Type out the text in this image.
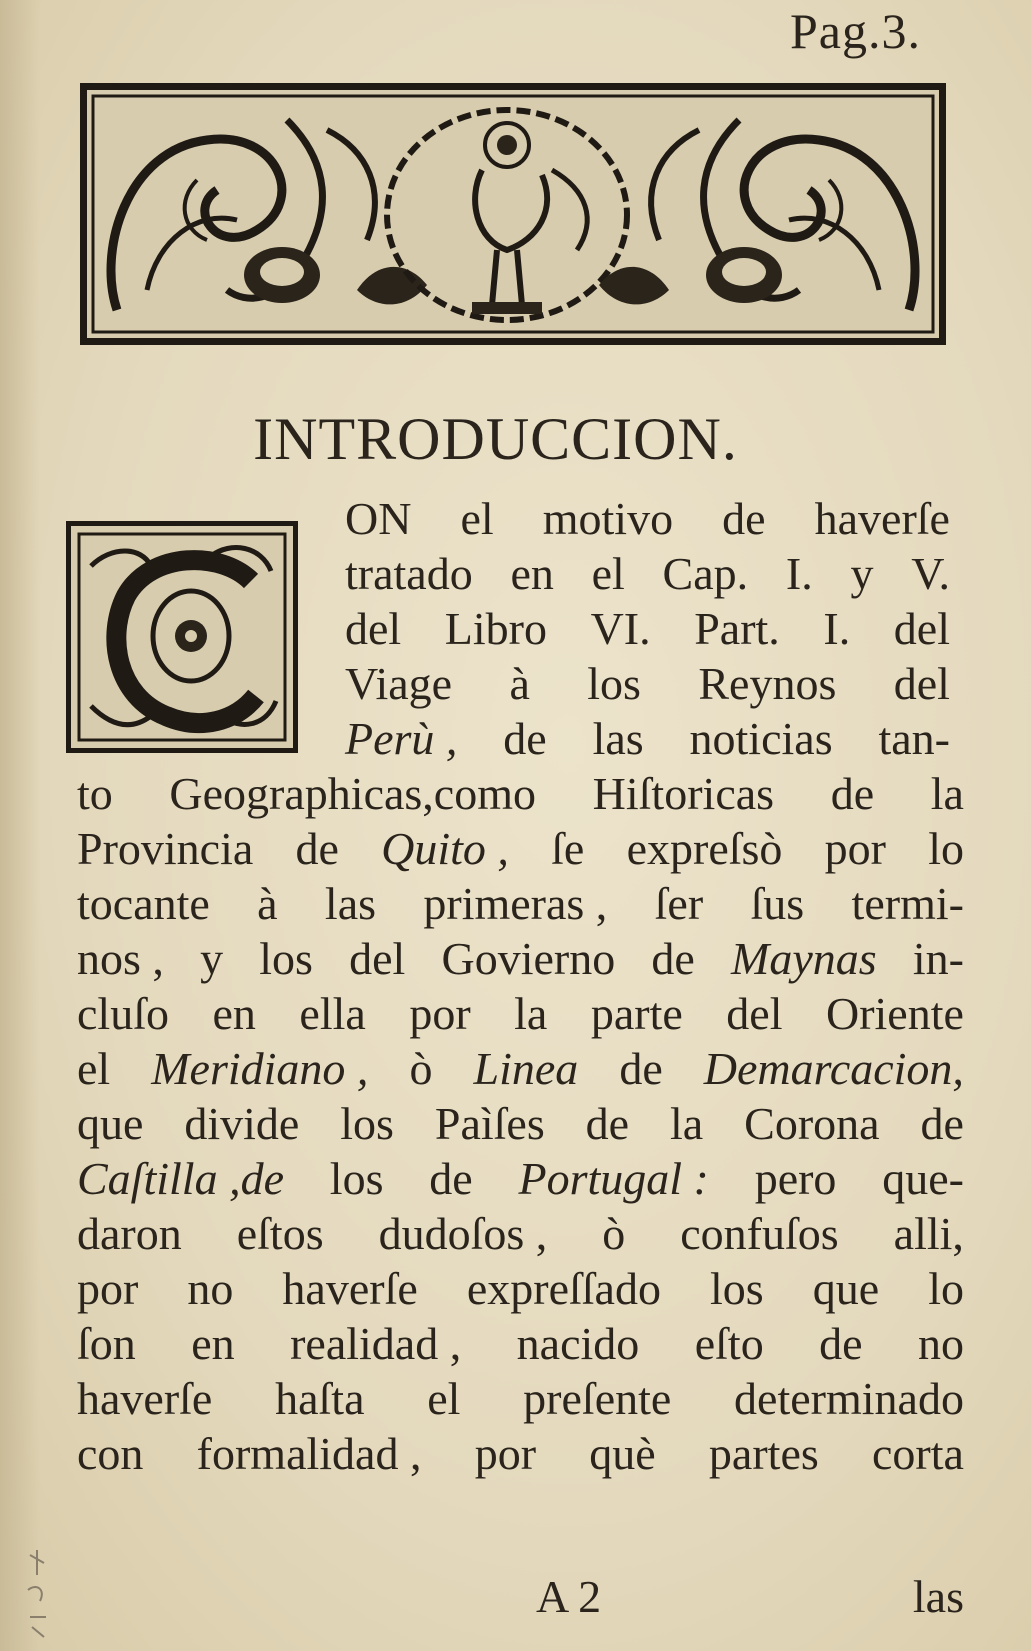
Pag.3.
INTRODUCCION.
ON el motivo de haverſe
tratado en el Cap. I. y V.
del Libro VI. Part. I. del
Viage à los Reynos del
Perù , de las noticias tan-
to Geographicas,como Hiſtoricas de la
Provincia de Quito , ſe expreſsò por lo
tocante à las primeras , ſer ſus termi-
nos , y los del Govierno de Maynas in-
cluſo en ella por la parte del Oriente
el Meridiano , ò Linea de Demarcacion,
que divide los Paìſes de la Corona de
Caſtilla ,de los de Portugal : pero que-
daron eſtos dudoſos , ò confuſos alli,
por no haverſe expreſſado los que lo
ſon en realidad , nacido eſto de no
haverſe haſta el preſente determinado
con formalidad , por què partes corta
A 2	las
